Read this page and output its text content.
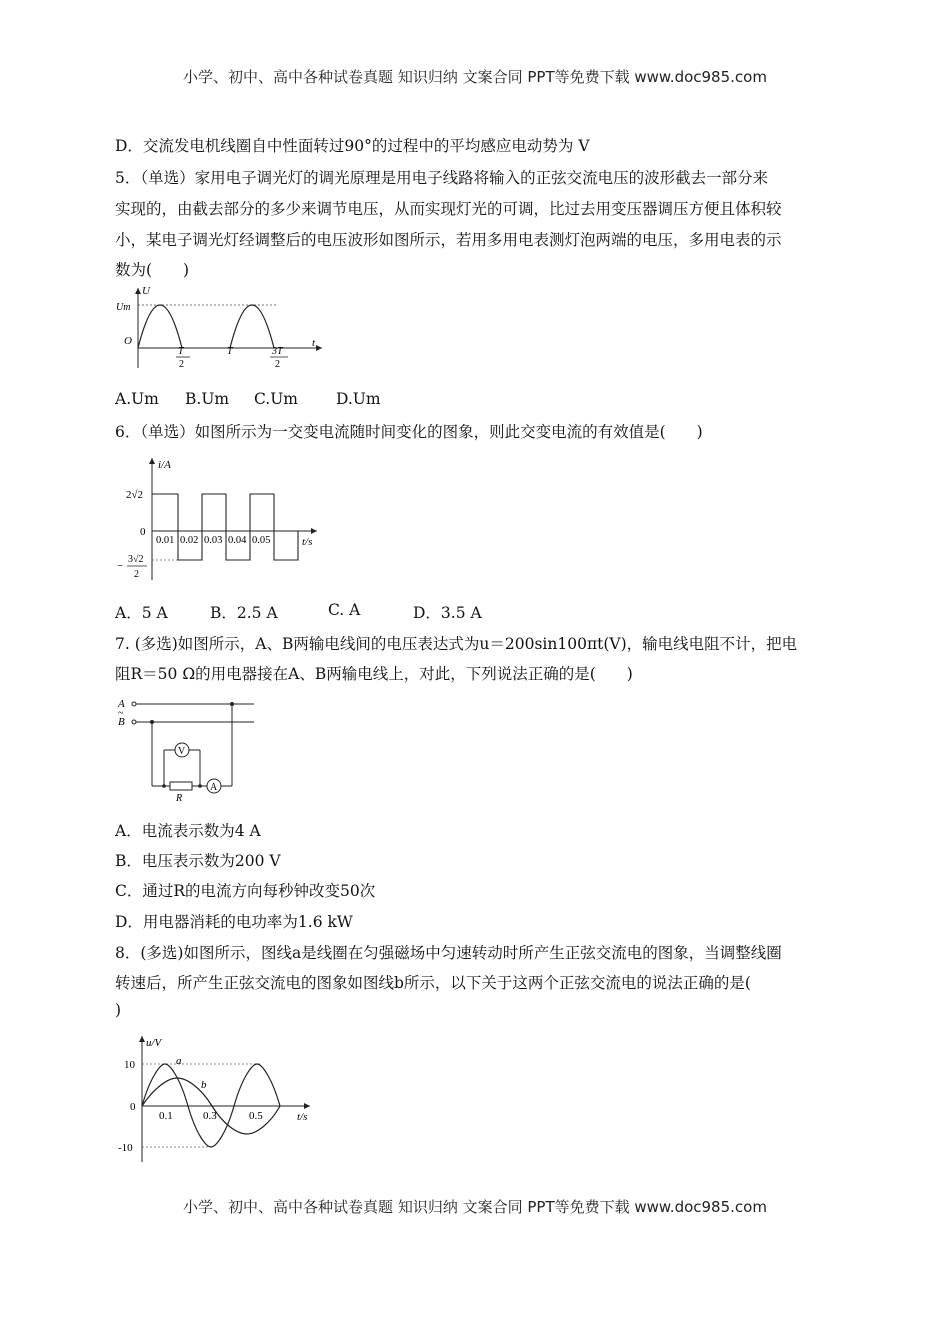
小学、初中、高中各种试卷真题 知识归纳 文案合同 PPT等免费下载 www.doc985.com
D．交流发电机线圈自中性面转过90°的过程中的平均感应电动势为 V
5．（单选）家用电子调光灯的调光原理是用电子线路将输入的正弦交流电压的波形截去一部分来
实现的，由截去部分的多少来调节电压，从而实现灯光的可调，比过去用变压器调压方便且体积较
小，某电子调光灯经调整后的电压波形如图所示，若用多用电表测灯泡两端的电压，多用电表的示
数为(　　)
U
Um
O	t
T
2
T	3T
2
A.Um B.Um C.Um D.Um
6．（单选）如图所示为一交变电流随时间变化的图象，则此交变电流的有效值是(　　)
i/A
t/s
0
2√2
−
3√2
2
0.01 0.02 0.03 0.04 0.05
A．5 A	B．2.5 A	C. A	D．3.5 A
7. (多选)如图所示，A、B两输电线间的电压表达式为u＝200sin100πt(V)，输电线电阻不计，把电
阻R＝50 Ω的用电器接在A、B两输电线上，对此，下列说法正确的是(　　)
A
~
B
V
A
R
A．电流表示数为4 A
B．电压表示数为200 V
C．通过R的电流方向每秒钟改变50次
D．用电器消耗的电功率为1.6 kW
8．(多选)如图所示，图线a是线圈在匀强磁场中匀速转动时所产生正弦交流电的图象，当调整线圈
转速后，所产生正弦交流电的图象如图线b所示，以下关于这两个正弦交流电的说法正确的是(
)
u/V
t/s
0
10
-10
0.1	0.3	0.5
a
b
小学、初中、高中各种试卷真题 知识归纳 文案合同 PPT等免费下载 www.doc985.com
